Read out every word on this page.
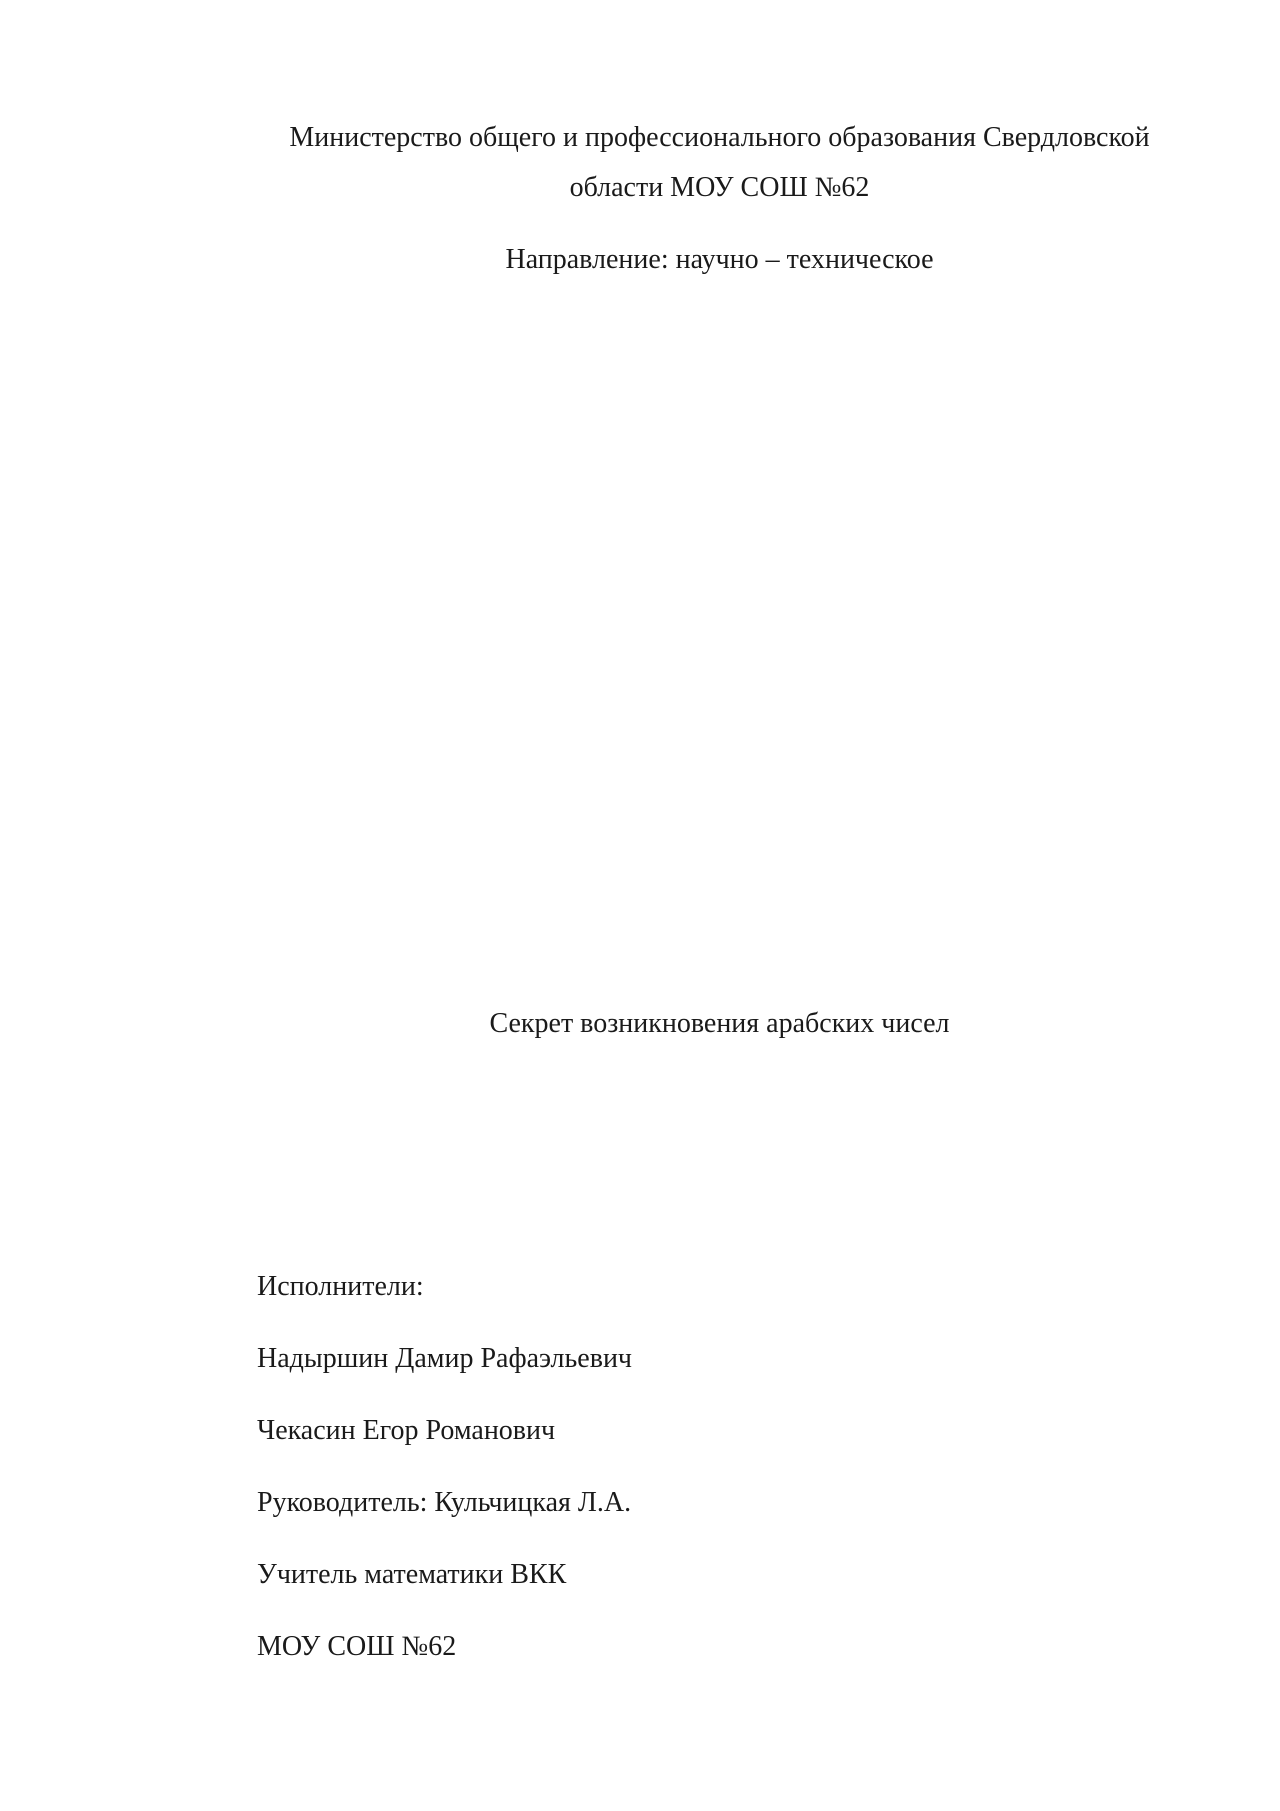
Министерство общего и профессионального образования Свердловской
области МОУ СОШ №62
Направление: научно – техническое
Секрет возникновения арабских чисел
Исполнители:
Надыршин Дамир Рафаэльевич
Чекасин Егор Романович
Руководитель: Кульчицкая Л.А.
Учитель математики ВКК
МОУ СОШ №62
